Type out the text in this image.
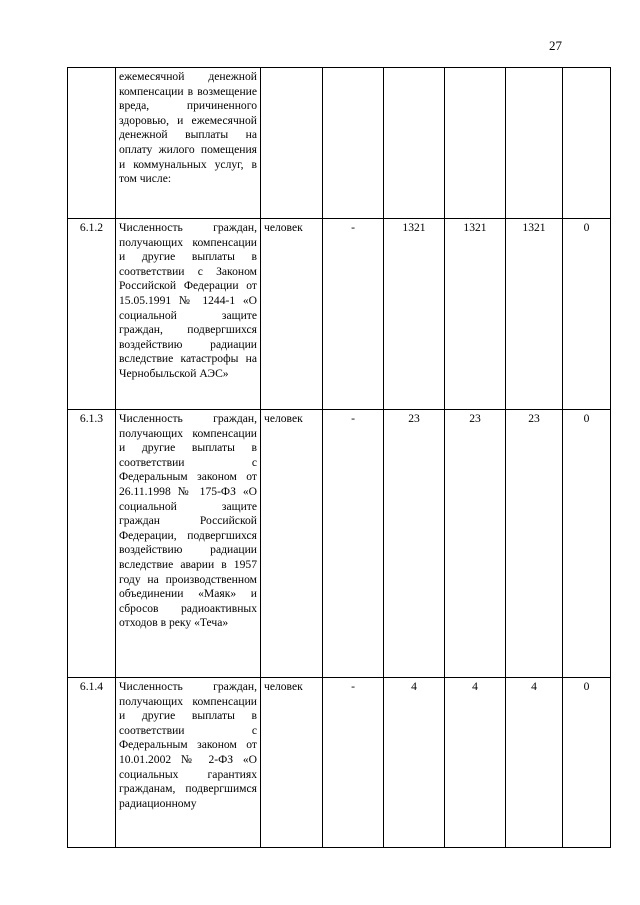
27
	ежемесячной денежной компенсации в возмещение вреда, причиненного здоровью, и ежемесячной денежной выплаты на оплату жилого помещения и коммунальных услуг, в том числе:						
6.1.2	Численность граждан, получающих компенсации и другие выплаты в соответствии с Законом Российской Федерации от 15.05.1991 № 1244-1 «О социальной защите граждан, подвергшихся воздействию радиации вследствие катастрофы на Чернобыльской АЭС»	человек	-	1321	1321	1321	0
6.1.3	Численность граждан, получающих компенсации и другие выплаты в соответствии с Федеральным законом от 26.11.1998 № 175-ФЗ «О социальной защите граждан Российской Федерации, подвергшихся воздействию радиации вследствие аварии в 1957 году на производственном объединении «Маяк» и сбросов радиоактивных отходов в реку «Теча»	человек	-	23	23	23	0
6.1.4	Численность граждан, получающих компенсации и другие выплаты в соответствии с Федеральным законом от 10.01.2002 № 2-ФЗ «О социальных гарантиях гражданам, подвергшимся радиационному	человек	-	4	4	4	0
